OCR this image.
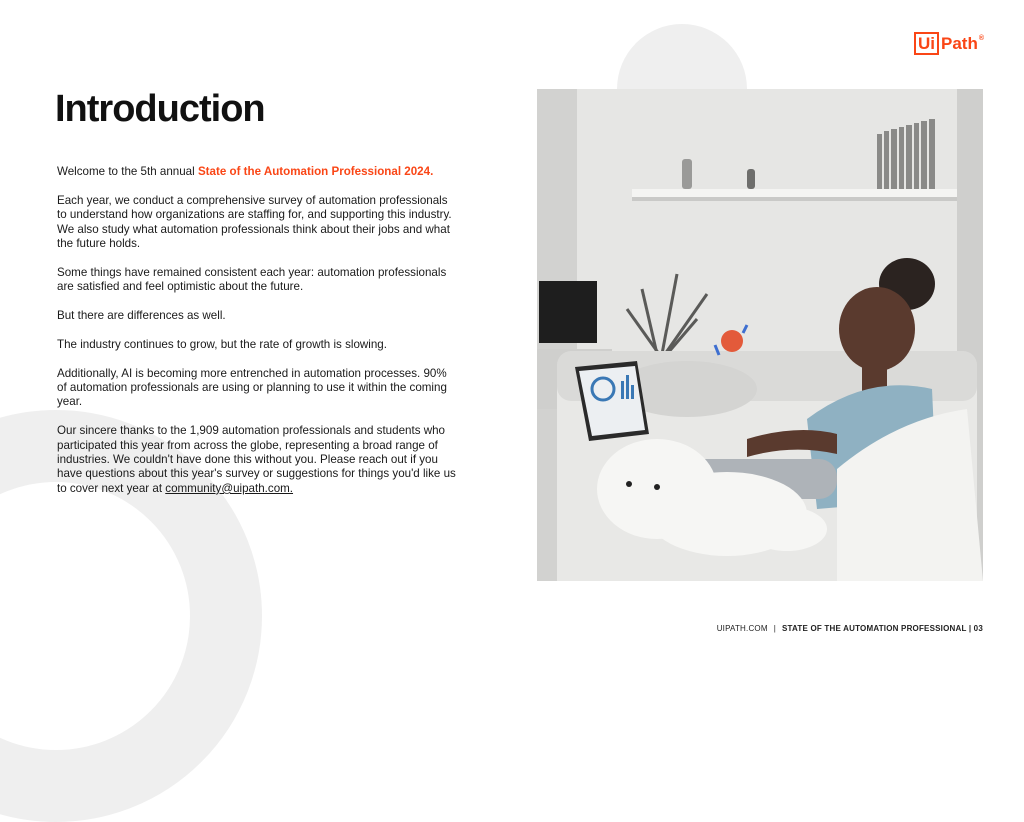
Ui Path ®
Introduction

Welcome to the 5th annual State of the Automation Professional 2024.

Each year, we conduct a comprehensive survey of automation professionals to understand how organizations are staffing for, and supporting this industry. We also study what automation professionals think about their jobs and what the future holds.

Some things have remained consistent each year: automation professionals are satisfied and feel optimistic about the future.

But there are differences as well.

The industry continues to grow, but the rate of growth is slowing.

Additionally, AI is becoming more entrenched in automation processes. 90% of automation professionals are using or planning to use it within the coming year.

Our sincere thanks to the 1,909 automation professionals and students who participated this year from across the globe, representing a broad range of industries. We couldn't have done this without you. Please reach out if you have questions about this year's survey or suggestions for things you'd like us to cover next year at community@uipath.com.

UIPATH.COM | STATE OF THE AUTOMATION PROFESSIONAL | 03
